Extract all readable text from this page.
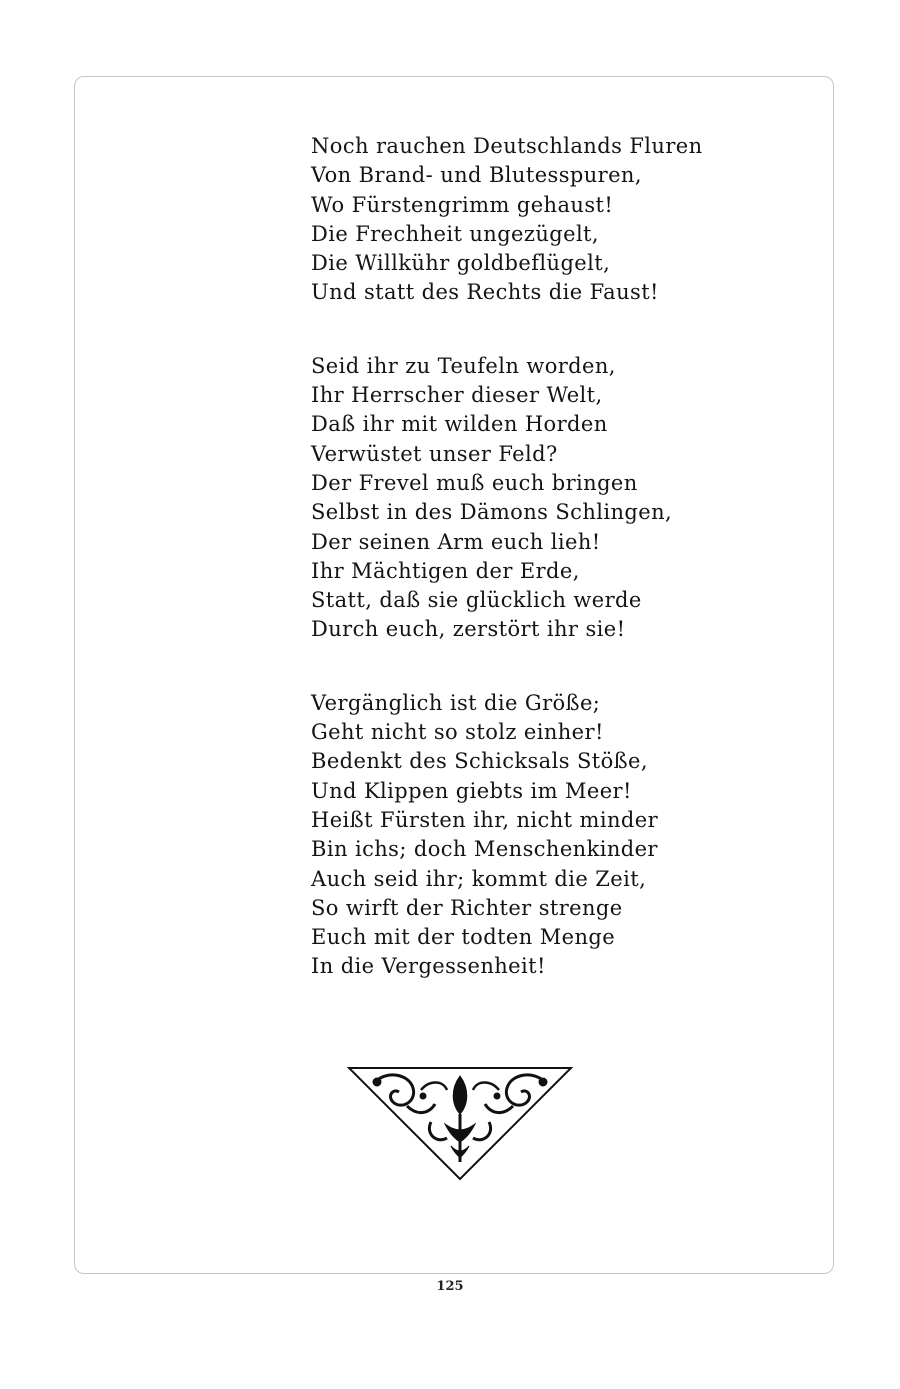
Noch rauchen Deutschlands Fluren
Von Brand- und Blutesspuren,
Wo Fürstengrimm gehaust!
Die Frechheit ungezügelt,
Die Willkühr goldbeflügelt,
Und statt des Rechts die Faust!
Seid ihr zu Teufeln worden,
Ihr Herrscher dieser Welt,
Daß ihr mit wilden Horden
Verwüstet unser Feld?
Der Frevel muß euch bringen
Selbst in des Dämons Schlingen,
Der seinen Arm euch lieh!
Ihr Mächtigen der Erde,
Statt, daß sie glücklich werde
Durch euch, zerstört ihr sie!
Vergänglich ist die Größe;
Geht nicht so stolz einher!
Bedenkt des Schicksals Stöße,
Und Klippen giebts im Meer!
Heißt Fürsten ihr, nicht minder
Bin ichs; doch Menschenkinder
Auch seid ihr; kommt die Zeit,
So wirft der Richter strenge
Euch mit der todten Menge
In die Vergessenheit!
125
